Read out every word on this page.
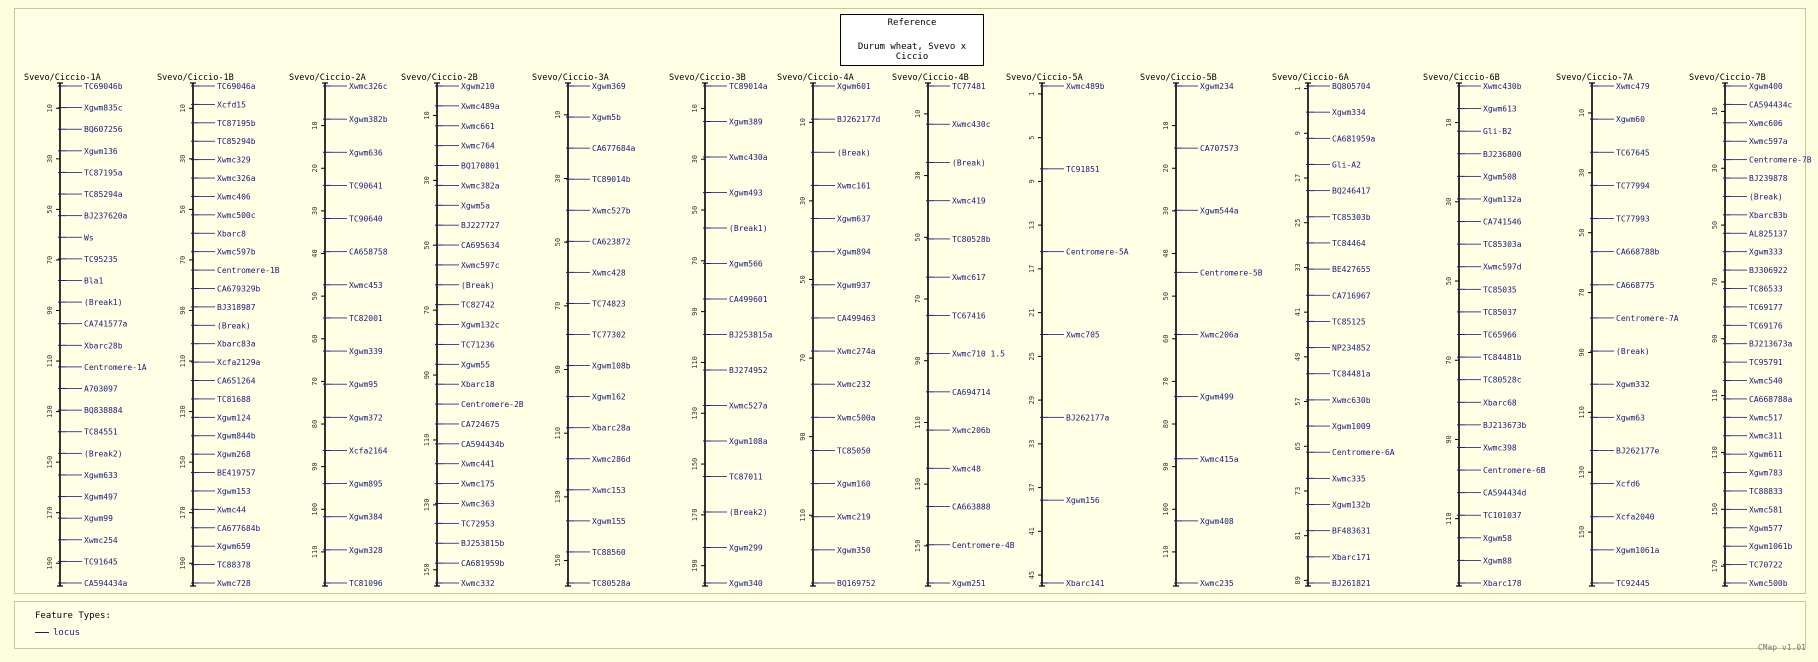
Feature Types:
locus
Reference
Durum wheat, Svevo x Ciccio
Svevo/Ciccio-1A
10
30
50
70
90
110
130
150
170
190
TC69046b
Xgwm835c
BQ607256
Xgwm136
TC87195a
TC85294a
BJ237620a
Ws
TC95235
Bla1
(Break1)
CA741577a
Xbarc28b
Centromere-1A
A703097
BQ838884
TC84551
(Break2)
Xgwm633
Xgwm497
Xgwm99
Xwmc254
TC91645
CA594434a
Svevo/Ciccio-1B
10
30
50
70
90
110
130
150
170
190
TC69046a
Xcfd15
TC87195b
TC85294b
Xwmc329
Xwmc326a
Xwmc406
Xwmc500c
Xbarc8
Xwmc597b
Centromere-1B
CA679329b
BJ318987
(Break)
Xbarc83a
Xcfa2129a
CA651264
TC81688
Xgwm124
Xgwm844b
Xgwm268
BE419757
Xgwm153
Xwmc44
CA677684b
Xgwm659
TC88378
Xwmc728
Svevo/Ciccio-2A
10
20
30
40
50
60
70
80
90
100
110
Xwmc326c
Xgwm382b
Xgwm636
TC90641
TC90640
CA658758
Xwmc453
TC82001
Xgwm339
Xgwm95
Xgwm372
Xcfa2164
Xgwm895
Xgwm384
Xgwm328
TC81096
Svevo/Ciccio-2B
10
30
50
70
90
110
130
150
Xgwm210
Xwmc489a
Xwmc661
Xwmc764
BQ170801
Xwmc382a
Xgwm5a
BJ227727
CA695634
Xwmc597c
(Break)
TC82742
Xgwm132c
TC71236
Xgwm55
Xbarc18
Centromere-2B
CA724675
CA594434b
Xwmc441
Xwmc175
Xwmc363
TC72953
BJ253815b
CA681959b
Xwmc332
Svevo/Ciccio-3A
10
30
50
70
90
110
130
150
Xgwm369
Xgwm5b
CA677684a
TC89014b
Xwmc527b
CA623872
Xwmc428
TC74823
TC77302
Xgwm108b
Xgwm162
Xbarc28a
Xwmc286d
Xwmc153
Xgwm155
TC88560
TC80528a
Svevo/Ciccio-3B
10
30
50
70
90
110
130
150
170
190
TC89014a
Xgwm389
Xwmc430a
Xgwm493
(Break1)
Xgwm566
CA499601
BJ253815a
BJ274952
Xwmc527a
Xgwm108a
TC87011
(Break2)
Xgwm299
Xgwm340
Svevo/Ciccio-4A
10
30
50
70
90
110
Xgwm601
BJ262177d
(Break)
Xwmc161
Xgwm637
Xgwm894
Xgwm937
CA499463
Xwmc274a
Xwmc232
Xwmc500a
TC85050
Xgwm160
Xwmc219
Xgwm350
BQ169752
Svevo/Ciccio-4B
10
30
50
70
90
110
130
150
TC77481
Xwmc430c
(Break)
Xwmc419
TC80528b
Xwmc617
TC67416
Xwmc710 1.5
CA694714
Xwmc206b
Xwmc48
CA663888
Centromere-4B
Xgwm251
Svevo/Ciccio-5A
1
5
9
13
17
21
25
29
33
37
41
45
Xwmc489b
TC91851
Centromere-5A
Xwmc705
BJ262177a
Xgwm156
Xbarc141
Svevo/Ciccio-5B
10
20
30
40
50
60
70
80
90
100
110
Xgwm234
CA707573
Xgwm544a
Centromere-5B
Xwmc206a
Xgwm499
Xwmc415a
Xgwm408
Xwmc235
Svevo/Ciccio-6A
1
9
17
25
33
41
49
57
65
73
81
89
BQ805704
Xgwm334
CA681959a
Gli-A2
BQ246417
TC85303b
TC84464
BE427655
CA716967
TC85125
NP234852
TC84481a
Xwmc630b
Xgwm1009
Centromere-6A
Xwmc335
Xgwm132b
BF483631
Xbarc171
BJ261821
Svevo/Ciccio-6B
10
30
50
70
90
110
Xwmc430b
Xgwm613
Gli-B2
BJ236800
Xgwm508
Xgwm132a
CA741546
TC85303a
Xwmc597d
TC85035
TC85037
TC65966
TC84481b
TC80528c
Xbarc68
BJ213673b
Xwmc398
Centromere-6B
CA594434d
TC101037
Xgwm58
Xgwm88
Xbarc178
Svevo/Ciccio-7A
10
30
50
70
90
110
130
150
Xwmc479
Xgwm60
TC67645
TC77994
TC77993
CA668788b
CA668775
Centromere-7A
(Break)
Xgwm332
Xgwm63
BJ262177e
Xcfd6
Xcfa2040
Xgwm1061a
TC92445
Svevo/Ciccio-7B
10
30
50
70
90
110
130
150
170
Xgwm400
CA594434c
Xwmc606
Xwmc597a
Centromere-7B
BJ239878
(Break)
Xbarc83b
AL825137
Xgwm333
BJ306922
TC86533
TC69177
TC69176
BJ213673a
TC95791
Xwmc540
CA668788a
Xwmc517
Xwmc311
Xgwm611
Xgwm783
TC88833
Xwmc581
Xgwm577
Xgwm1061b
TC70722
Xwmc500b
CMap v1.01
